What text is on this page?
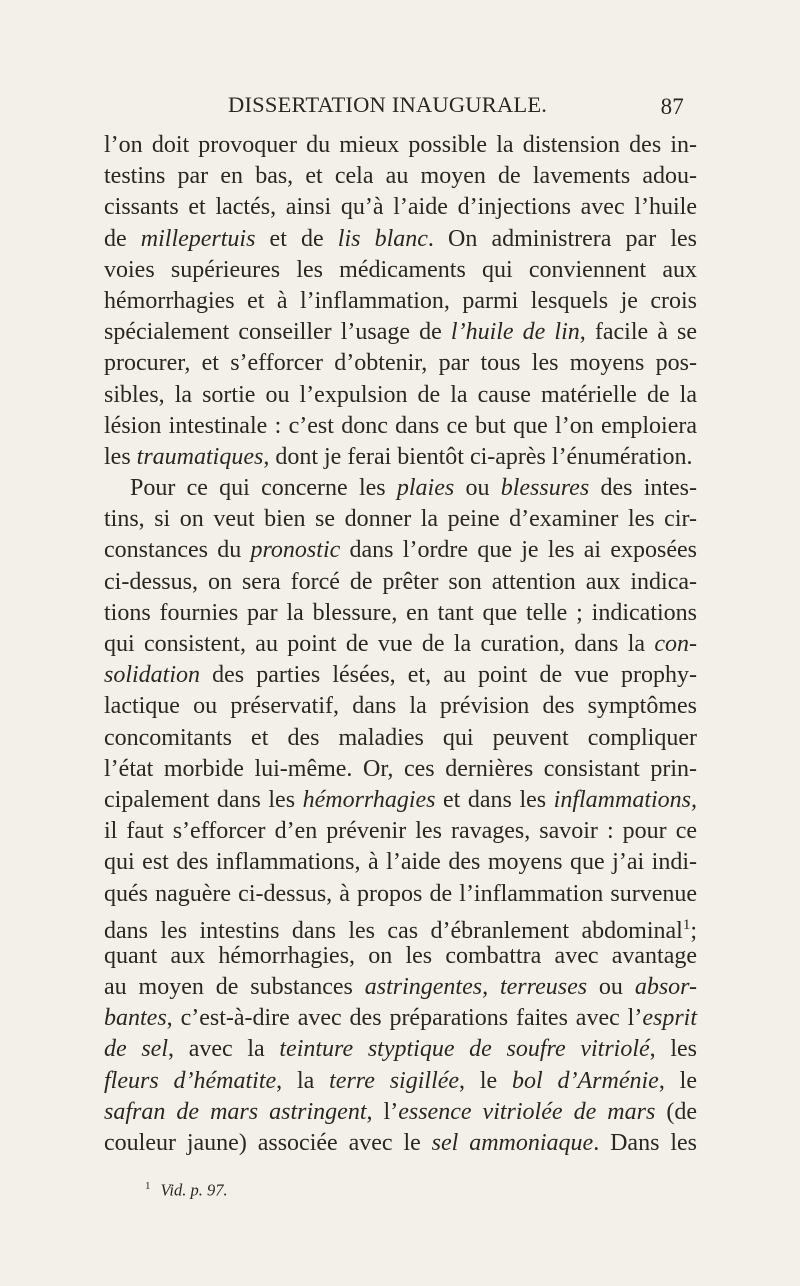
DISSERTATION INAUGURALE.	87
l’on doit provoquer du mieux possible la distension des in-
testins par en bas, et cela au moyen de lavements adou-
cissants et lactés, ainsi qu’à l’aide d’injections avec l’huile
de millepertuis et de lis blanc. On administrera par les
voies supérieures les médicaments qui conviennent aux
hémorrhagies et à l’inflammation, parmi lesquels je crois
spécialement conseiller l’usage de l’huile de lin, facile à se
procurer, et s’efforcer d’obtenir, par tous les moyens pos-
sibles, la sortie ou l’expulsion de la cause matérielle de la
lésion intestinale : c’est donc dans ce but que l’on emploiera
les traumatiques, dont je ferai bientôt ci-après l’énumération.
Pour ce qui concerne les plaies ou blessures des intes-
tins, si on veut bien se donner la peine d’examiner les cir-
constances du pronostic dans l’ordre que je les ai exposées
ci-dessus, on sera forcé de prêter son attention aux indica-
tions fournies par la blessure, en tant que telle ; indications
qui consistent, au point de vue de la curation, dans la con-
solidation des parties lésées, et, au point de vue prophy-
lactique ou préservatif, dans la prévision des symptômes
concomitants et des maladies qui peuvent compliquer
l’état morbide lui-même. Or, ces dernières consistant prin-
cipalement dans les hémorrhagies et dans les inflammations,
il faut s’efforcer d’en prévenir les ravages, savoir : pour ce
qui est des inflammations, à l’aide des moyens que j’ai indi-
qués naguère ci-dessus, à propos de l’inflammation survenue
dans les intestins dans les cas d’ébranlement abdominal$^1$;
quant aux hémorrhagies, on les combattra avec avantage
au moyen de substances astringentes, terreuses ou absor-
bantes, c’est-à-dire avec des préparations faites avec l’esprit
de sel, avec la teinture styptique de soufre vitriolé, les
fleurs d’hématite, la terre sigillée, le bol d’Arménie, le
safran de mars astringent, l’essence vitriolée de mars (de
couleur jaune) associée avec le sel ammoniaque. Dans les
$^1$ Vid. p. 97.
